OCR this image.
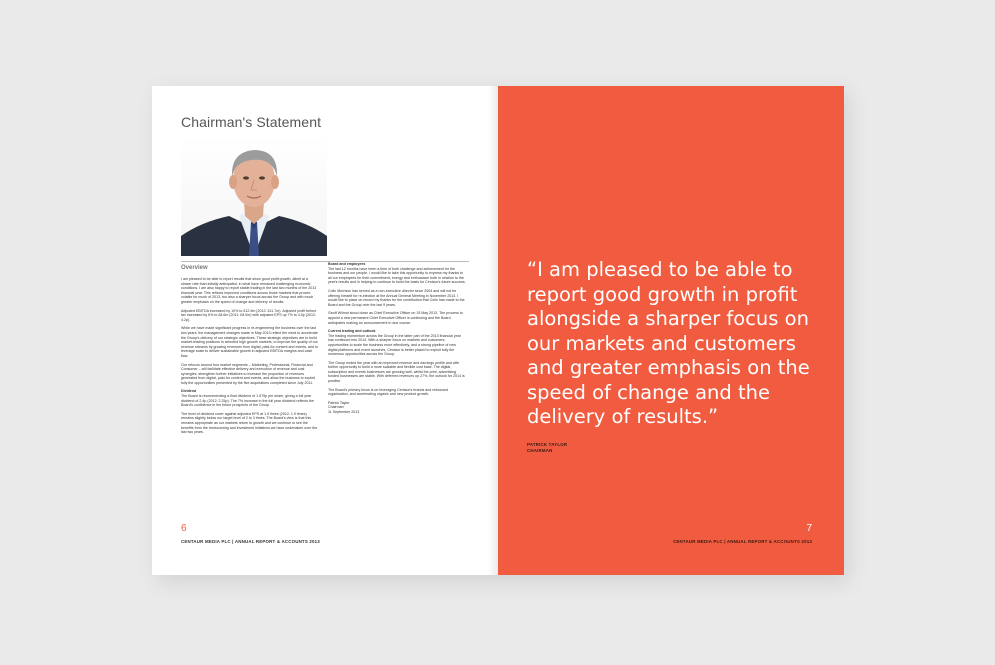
Chairman's Statement
Overview

I am pleased to be able to report results that show good profit growth, albeit at a slower rate than initially anticipated, in what have remained challenging economic conditions. I am also happy to report stable trading in the last two months of the 2013 financial year. This reflects improved conditions across those markets that proved volatile for much of 2013, but also a sharper focus across the Group and with much greater emphasis on the speed of change and delivery of results.

Adjusted EBITDA increased by 10% to £12.9m (2012: £11.7m). Adjusted profit before tax increased by 6% to £8.6m (2011: £8.0m) with adjusted EPS up 7% to 4.5p (2012: 4.2p).

While we have made significant progress in re-engineering the business over the last two years, the management changes made in May 2013 reflect the need to accelerate the Group's delivery of our strategic objectives. These strategic objectives are to build market-leading positions in selected high growth markets, to improve the quality of our revenue streams by growing revenues from digital, paid-for content and events, and to leverage scale to deliver sustainable growth in adjusted EBITDA margins and cash flow.

Our refocus around four market segments – Marketing, Professional, Financial and Consumer – will facilitate effective delivery and execution of revenue and cost synergies, strengthen further initiatives to increase the proportion of revenues generated from digital, paid-for content and events, and allow the business to exploit fully the opportunities presented by the five acquisitions completed since July 2011.

Dividend

The Board is recommending a final dividend of 1.575p per share, giving a full year dividend of 2.4p (2012: 2.25p). The 7% increase in the full year dividend reflects the Board's confidence in the future prospects of the Group.

The level of dividend cover against adjusted EPS at 1.9 times (2012: 1.9 times) remains slightly below our target level of 2 to 3 times. The Board's view is that this remains appropriate as our markets return to growth and we continue to see the benefits from the restructuring and investment initiatives we have undertaken over the last two years.

Board and employees

The last 12 months have been a time of both challenge and achievement for the business and our people. I would like to take this opportunity to express my thanks to all our employees for their commitment, energy and enthusiasm both in relation to the year's results and in helping to continue to build the basis for Centaur's future success.

Colin Morrison has served as a non-executive director since 2004 and will not be offering himself for re-election at the Annual General Meeting in November 2013. I would like to place on record my thanks for the contribution that Colin has made to the Board and the Group over the last 9 years.

Geoff Wilmot stood down as Chief Executive Officer on 15 May 2013. The process to appoint a new permanent Chief Executive Officer is continuing and the Board anticipates making an announcement in due course.

Current trading and outlook

The trading momentum across the Group in the latter part of the 2013 financial year has continued into 2014. With a sharper focus on markets and customers, opportunities to scale the business more effectively, and a strong pipeline of new digital platforms and event launches, Centaur is better placed to exploit fully the numerous opportunities across the Group.

The Group ended the year with an improved revenue and earnings profile and with further opportunity to build a more scalable and flexible cost base. The digital, subscription and events businesses are growing well, whilst the print, advertising funded businesses are stable. With deferred revenues up 27%, the outlook for 2014 is positive.

The Board's primary focus is on leveraging Centaur's brands and refocused organisation, and accelerating organic and new product growth.

Patrick Taylor
Chairman
11 September 2013

6
CENTAUR MEDIA PLC | ANNUAL REPORT & ACCOUNTS 2013
“I am pleased to be able to report good growth in profit alongside a sharper focus on our markets and customers and greater emphasis on the speed of change and the delivery of results.”
PATRICK TAYLOR
CHAIRMAN
7
CENTAUR MEDIA PLC | ANNUAL REPORT & ACCOUNTS 2013
